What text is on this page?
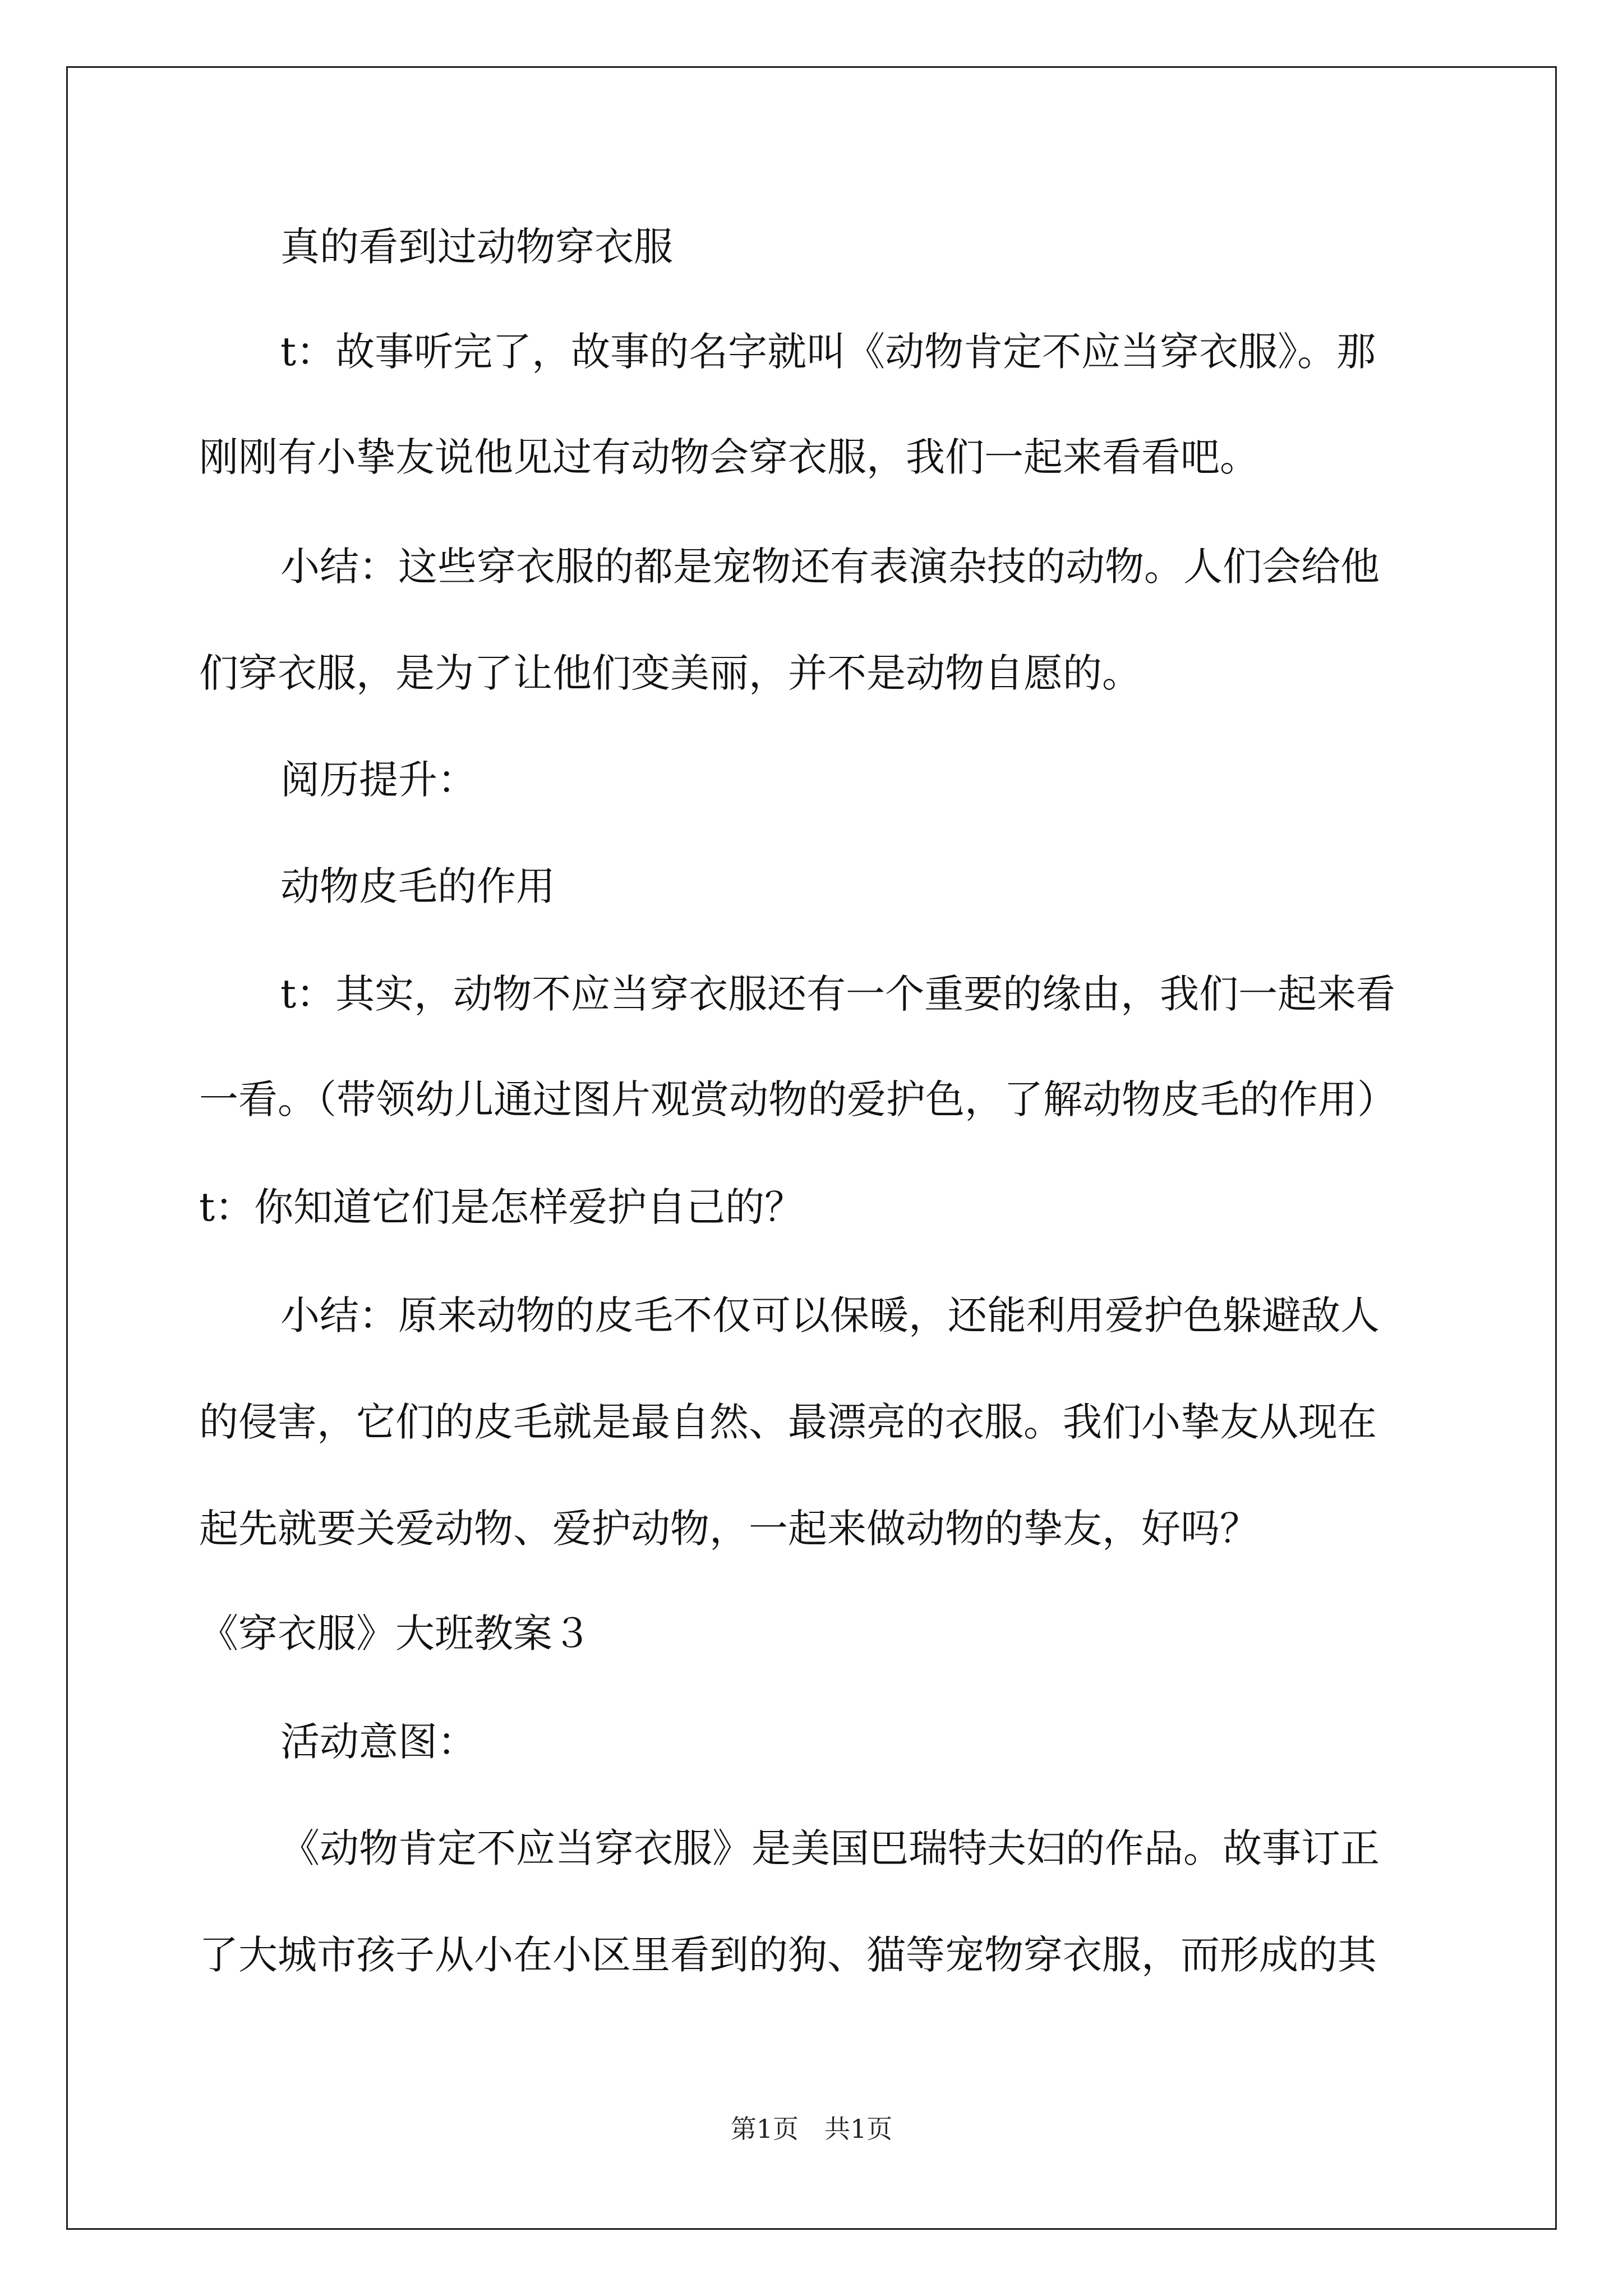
真的看到过动物穿衣服
t：故事听完了，故事的名字就叫《动物肯定不应当穿衣服》。那
刚刚有小挚友说他见过有动物会穿衣服，我们一起来看看吧。
小结：这些穿衣服的都是宠物还有表演杂技的动物。人们会给他
们穿衣服，是为了让他们变美丽，并不是动物自愿的。
阅历提升：
动物皮毛的作用
t：其实，动物不应当穿衣服还有一个重要的缘由，我们一起来看
一看。（带领幼儿通过图片观赏动物的爱护色，了解动物皮毛的作用）
t：你知道它们是怎样爱护自己的？
小结：原来动物的皮毛不仅可以保暖，还能利用爱护色躲避敌人
的侵害，它们的皮毛就是最自然、最漂亮的衣服。我们小挚友从现在
起先就要关爱动物、爱护动物，一起来做动物的挚友，好吗？
《穿衣服》大班教案３
活动意图：
《动物肯定不应当穿衣服》是美国巴瑞特夫妇的作品。故事订正
了大城市孩子从小在小区里看到的狗、猫等宠物穿衣服，而形成的其
第1页　共1页
